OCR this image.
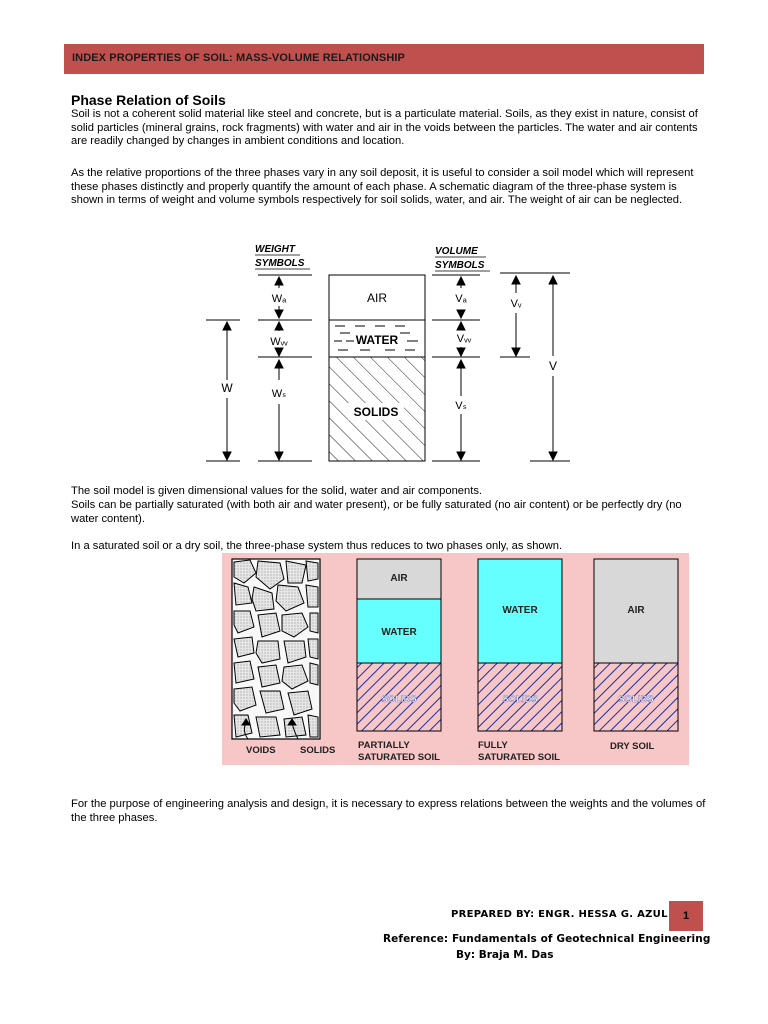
INDEX PROPERTIES OF SOIL: MASS-VOLUME RELATIONSHIP
Phase Relation of Soils

Soil is not a coherent solid material like steel and concrete, but is a particulate material. Soils, as they exist in nature, consist of solid particles (mineral grains, rock fragments) with water and air in the voids between the particles. The water and air contents are readily changed by changes in ambient conditions and location.

As the relative proportions of the three phases vary in any soil deposit, it is useful to consider a soil model which will represent these phases distinctly and properly quantify the amount of each phase. A schematic diagram of the three-phase system is shown in terms of weight and volume symbols respectively for soil solids, water, and air. The weight of air can be neglected.

WEIGHT
SYMBOLS
VOLUME
SYMBOLS
AIR
WATER
SOLIDS
W
Wₐ
Wᵥᵥ
Wₛ
Vₐ
Vᵥᵥ
Vₛ
Vᵥ
V

The soil model is given dimensional values for the solid, water and air components.

Soils can be partially saturated (with both air and water present), or be fully saturated (no air content) or be perfectly dry (no water content).

In a saturated soil or a dry soil, the three-phase system thus reduces to two phases only, as shown.

AIR
WATER
WATER	AIR
SOLIDS	SOLIDS	SOLIDS
VOIDS	SOLIDS PARTIALLY
SATURATED SOIL
FULLY
SATURATED SOIL
DRY SOIL

For the purpose of engineering analysis and design, it is necessary to express relations between the weights and the volumes of the three phases.

PREPARED BY: ENGR. HESSA G. AZUL	1
Reference: Fundamentals of Geotechnical Engineering
By: Braja M. Das
